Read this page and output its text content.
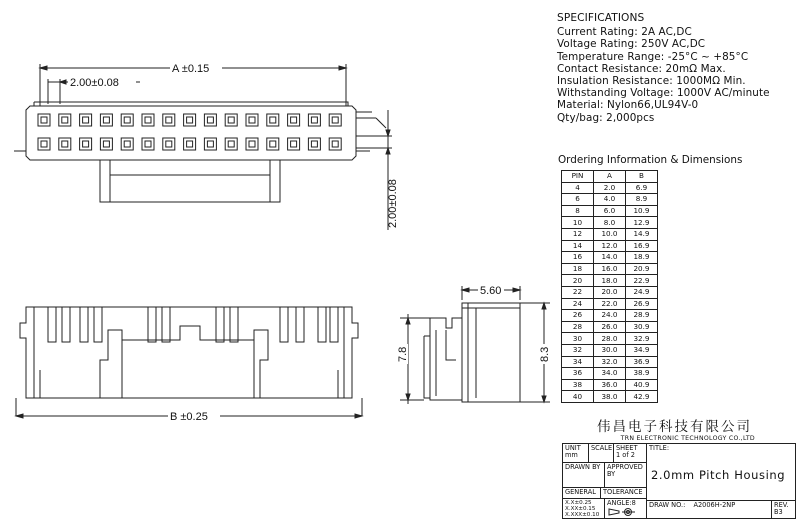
A ±0.15
2.00±0.08
2.00±0.08
B ±0.25
5.60
7.8	8.3
SPECIFICATIONS
Current Rating: 2A AC,DC
Voltage Rating: 250V AC,DC
Temperature Range: -25°C ~ +85°C
Contact Resistance: 20mΩ Max.
Insulation Resistance: 1000MΩ Min.
Withstanding Voltage: 1000V AC/minute
Material: Nylon66,UL94V-0
Qty/bag: 2,000pcs
Ordering Information & Dimensions
PIN	A	B
4	2.0	6.9
6	4.0	8.9
8	6.0	10.9
10	8.0	12.9
12	10.0	14.9
14	12.0	16.9
16	14.0	18.9
18	16.0	20.9
20	18.0	22.9
22	20.0	24.9
24	22.0	26.9
26	24.0	28.9
28	26.0	30.9
30	28.0	32.9
32	30.0	34.9
34	32.0	36.9
36	34.0	38.9
38	36.0	40.9
40	38.0	42.9
伟昌电子科技有限公司
TRN ELECTRONIC TECHNOLOGY CO.,LTD
UNIT
mm
SCALE SHEET
1 of 2
DRAWN BY APPROVED BY
GENERAL	TOLERANCE
X.X±0.25
X.XX±0.15
X.XXX±0.10
ANGLE:8
TITLE:
2.0mm Pitch Housing
DRAW NO.: A2006H-2NP	REV.
B3
